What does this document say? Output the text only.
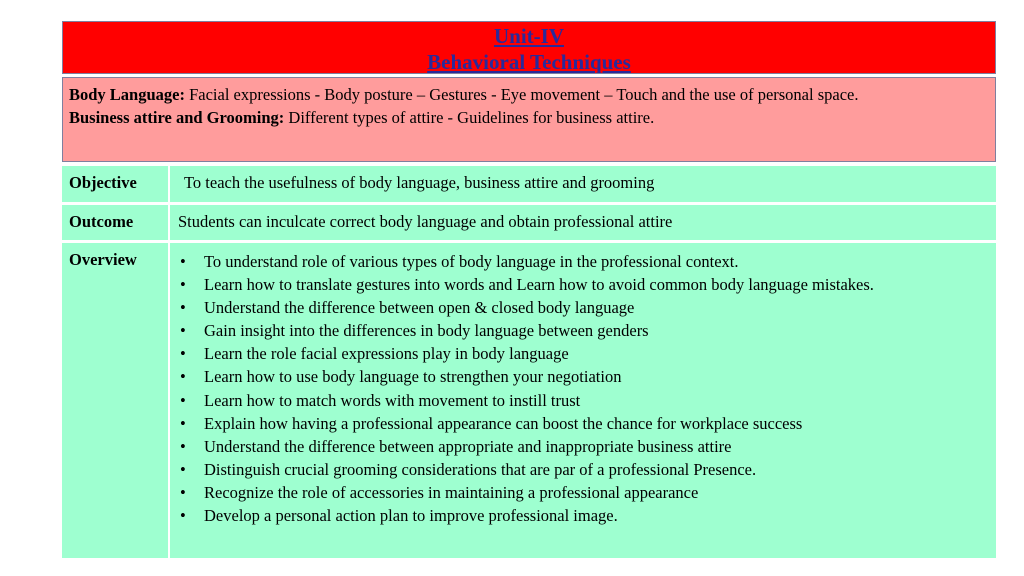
Unit-IV
Behavioral Techniques
Body Language: Facial expressions - Body posture – Gestures - Eye movement – Touch and the use of personal space.
Business attire and Grooming: Different types of attire - Guidelines for business attire.
Objective	To teach the usefulness of body language, business attire and grooming
Outcome	Students can inculcate correct body language and obtain professional attire
Overview	• To understand role of various types of body language in the professional context.
• Learn how to translate gestures into words and Learn how to avoid common body language mistakes.
• Understand the difference between open & closed body language
• Gain insight into the differences in body language between genders
• Learn the role facial expressions play in body language
• Learn how to use body language to strengthen your negotiation
• Learn how to match words with movement to instill trust
• Explain how having a professional appearance can boost the chance for workplace success
• Understand the difference between appropriate and inappropriate business attire
• Distinguish crucial grooming considerations that are par of a professional Presence.
• Recognize the role of accessories in maintaining a professional appearance
• Develop a personal action plan to improve professional image.
